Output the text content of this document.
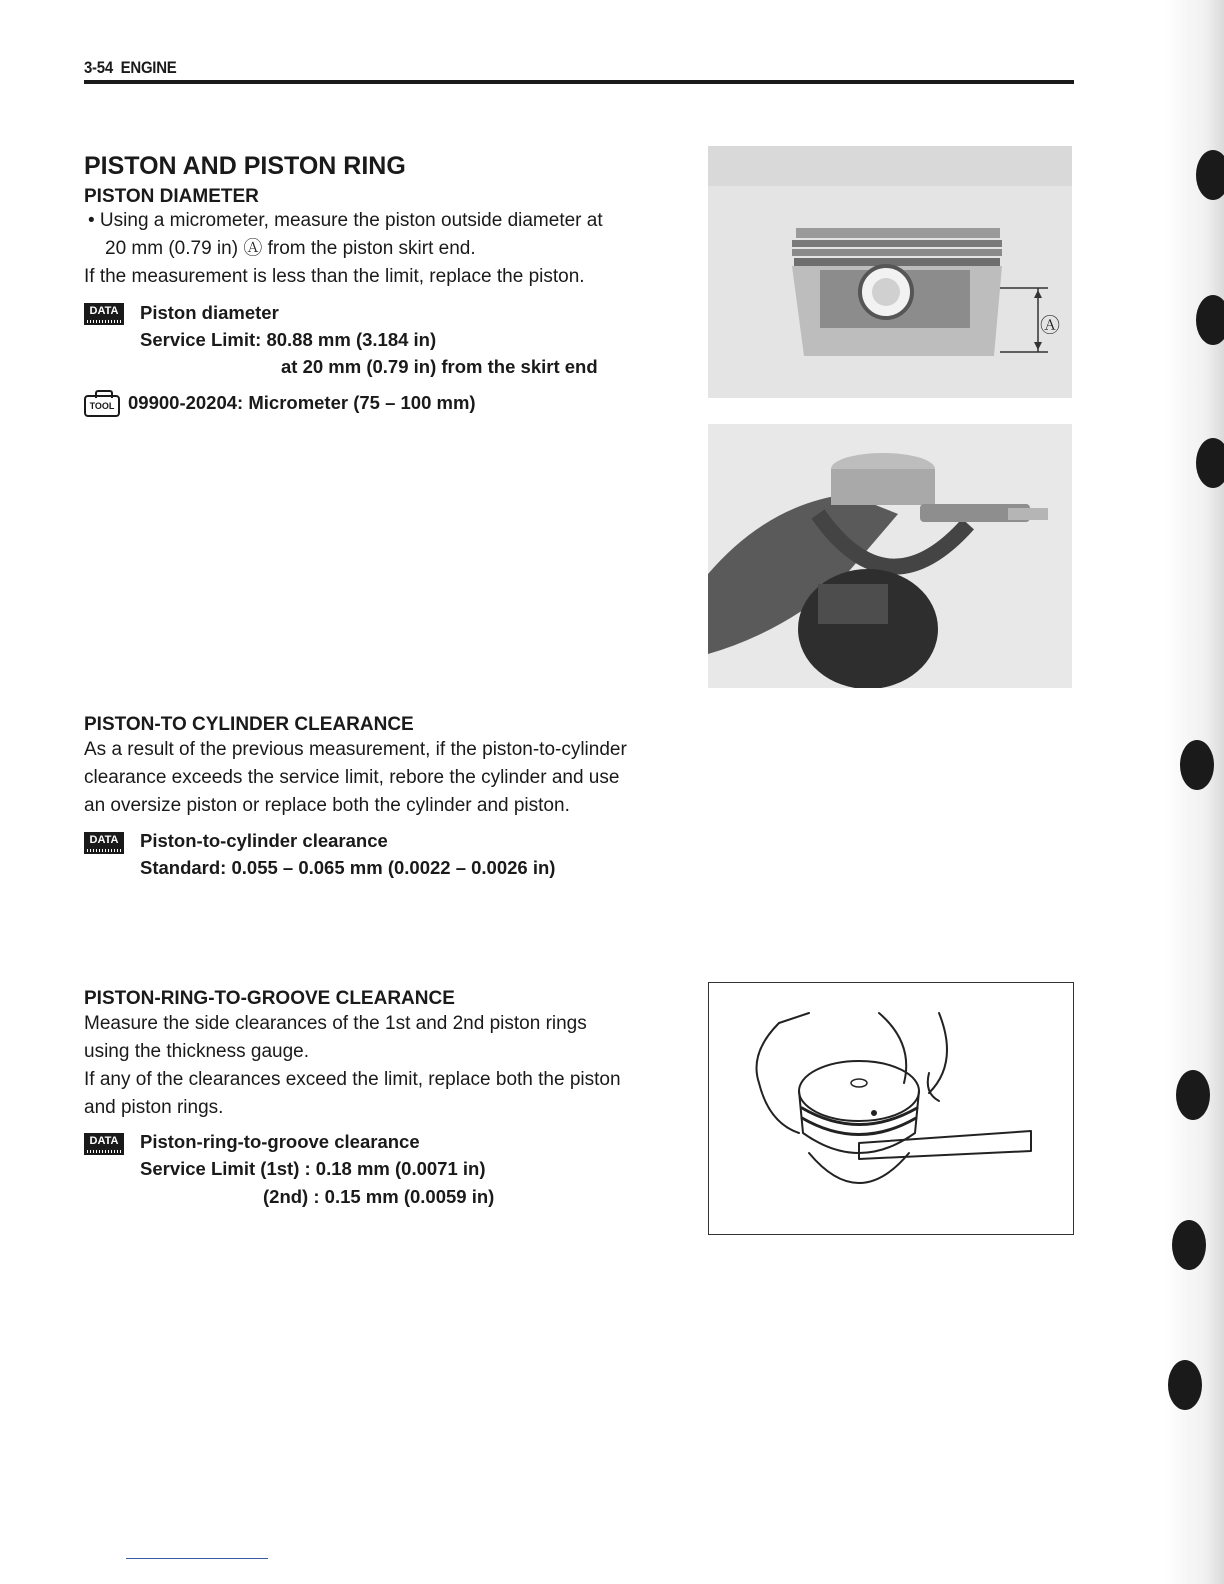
3-54 ENGINE
PISTON AND PISTON RING
PISTON DIAMETER
• Using a micrometer, measure the piston outside diameter at
20 mm (0.79 in) Ⓐ from the piston skirt end.
If the measurement is less than the limit, replace the piston.
DATA Piston diameter
Service Limit: 80.88 mm (3.184 in)
at 20 mm (0.79 in) from the skirt end
TOOL 09900-20204: Micrometer (75 – 100 mm)
Ⓐ
PISTON-TO CYLINDER CLEARANCE
As a result of the previous measurement, if the piston-to-cylinder
clearance exceeds the service limit, rebore the cylinder and use
an oversize piston or replace both the cylinder and piston.
DATA Piston-to-cylinder clearance
Standard: 0.055 – 0.065 mm (0.0022 – 0.0026 in)
PISTON-RING-TO-GROOVE CLEARANCE
Measure the side clearances of the 1st and 2nd piston rings
using the thickness gauge.
If any of the clearances exceed the limit, replace both the piston
and piston rings.
DATA Piston-ring-to-groove clearance
Service Limit (1st) : 0.18 mm (0.0071 in)
(2nd) : 0.15 mm (0.0059 in)
